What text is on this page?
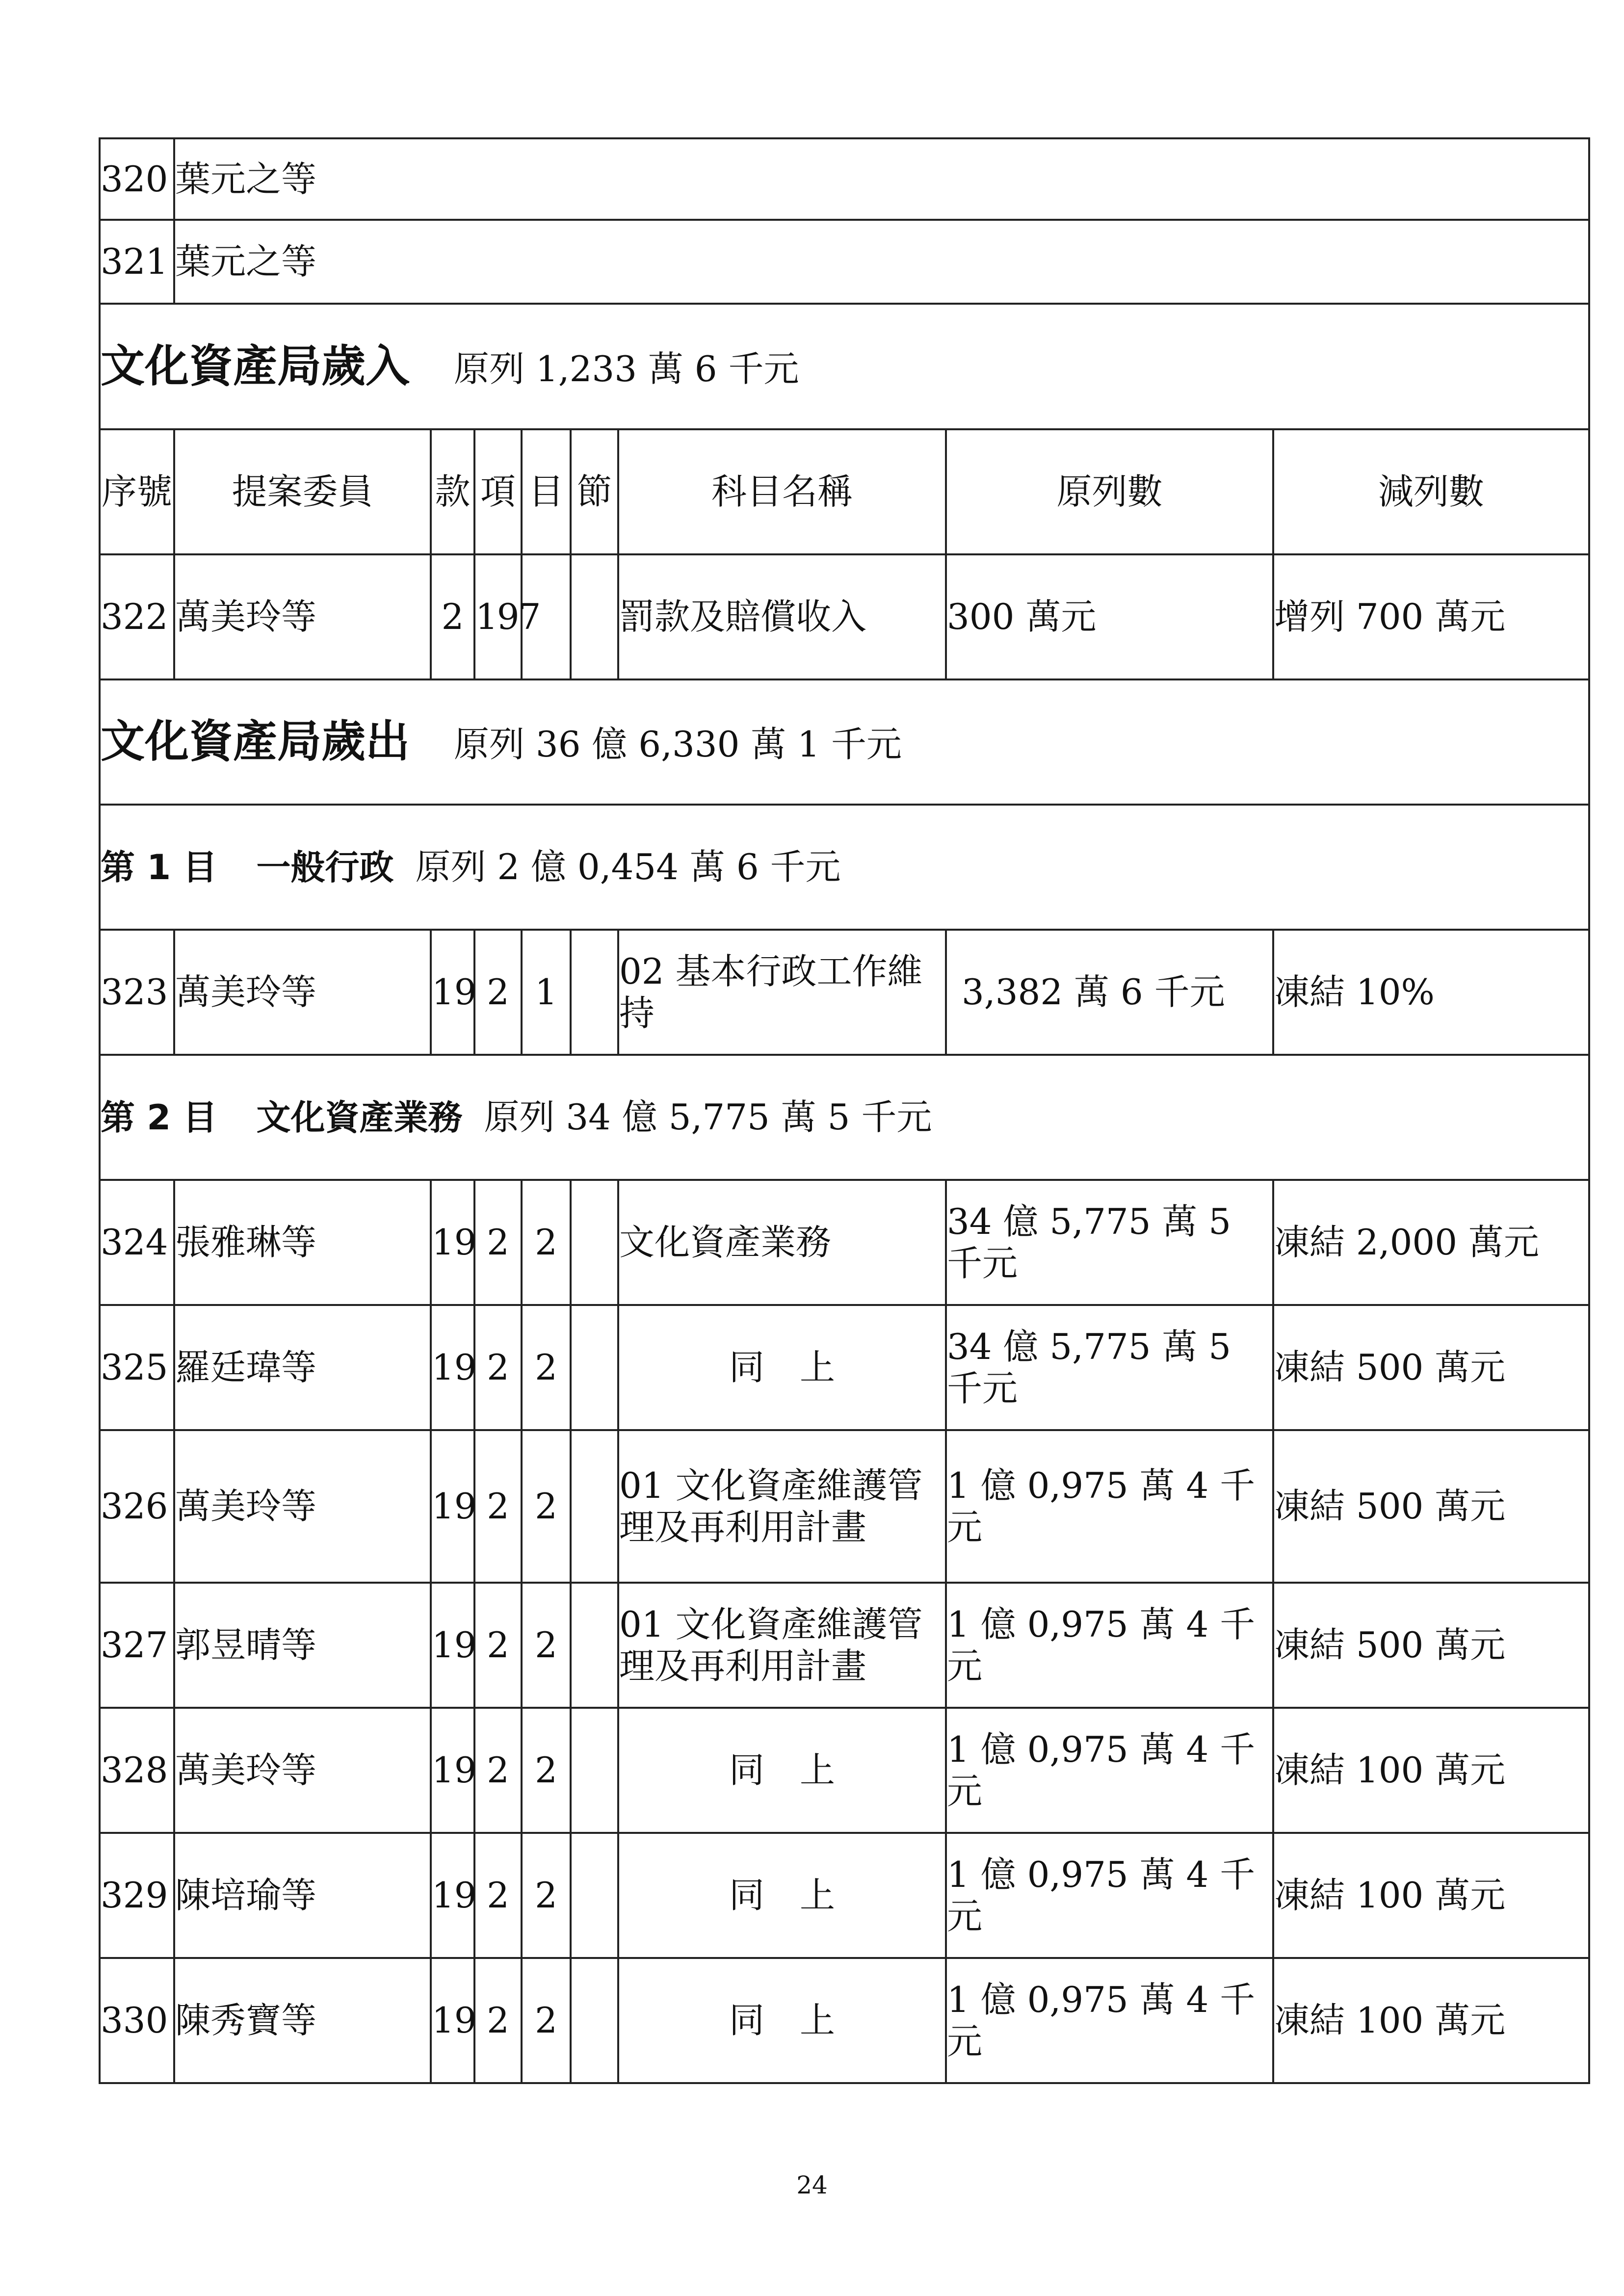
320	葉元之等							
321	葉元之等							
文化資產局歲入 原列 1,233 萬 6 千元								
序號	提案委員	款	項	目	節	科目名稱	原列數	減列數
322	萬美玲等	2	197			罰款及賠償收入	300 萬元	增列 700 萬元
文化資產局歲出 原列 36 億 6,330 萬 1 千元								
第 1 目 一般行政 原列 2 億 0,454 萬 6 千元								
323	萬美玲等	19	2	1		02 基本行政工作維持	3,382 萬 6 千元	凍結 10%
第 2 目 文化資產業務 原列 34 億 5,775 萬 5 千元								
324	張雅琳等	19	2	2		文化資產業務	34 億 5,775 萬 5 千元	凍結 2,000 萬元
325	羅廷瑋等	19	2	2		同　上	34 億 5,775 萬 5 千元	凍結 500 萬元
326	萬美玲等	19	2	2		01 文化資產維護管理及再利用計畫	1 億 0,975 萬 4 千元	凍結 500 萬元
327	郭昱晴等	19	2	2		01 文化資產維護管理及再利用計畫	1 億 0,975 萬 4 千元	凍結 500 萬元
328	萬美玲等	19	2	2		同　上	1 億 0,975 萬 4 千元	凍結 100 萬元
329	陳培瑜等	19	2	2		同　上	1 億 0,975 萬 4 千元	凍結 100 萬元
330	陳秀寶等	19	2	2		同　上	1 億 0,975 萬 4 千元	凍結 100 萬元
24
